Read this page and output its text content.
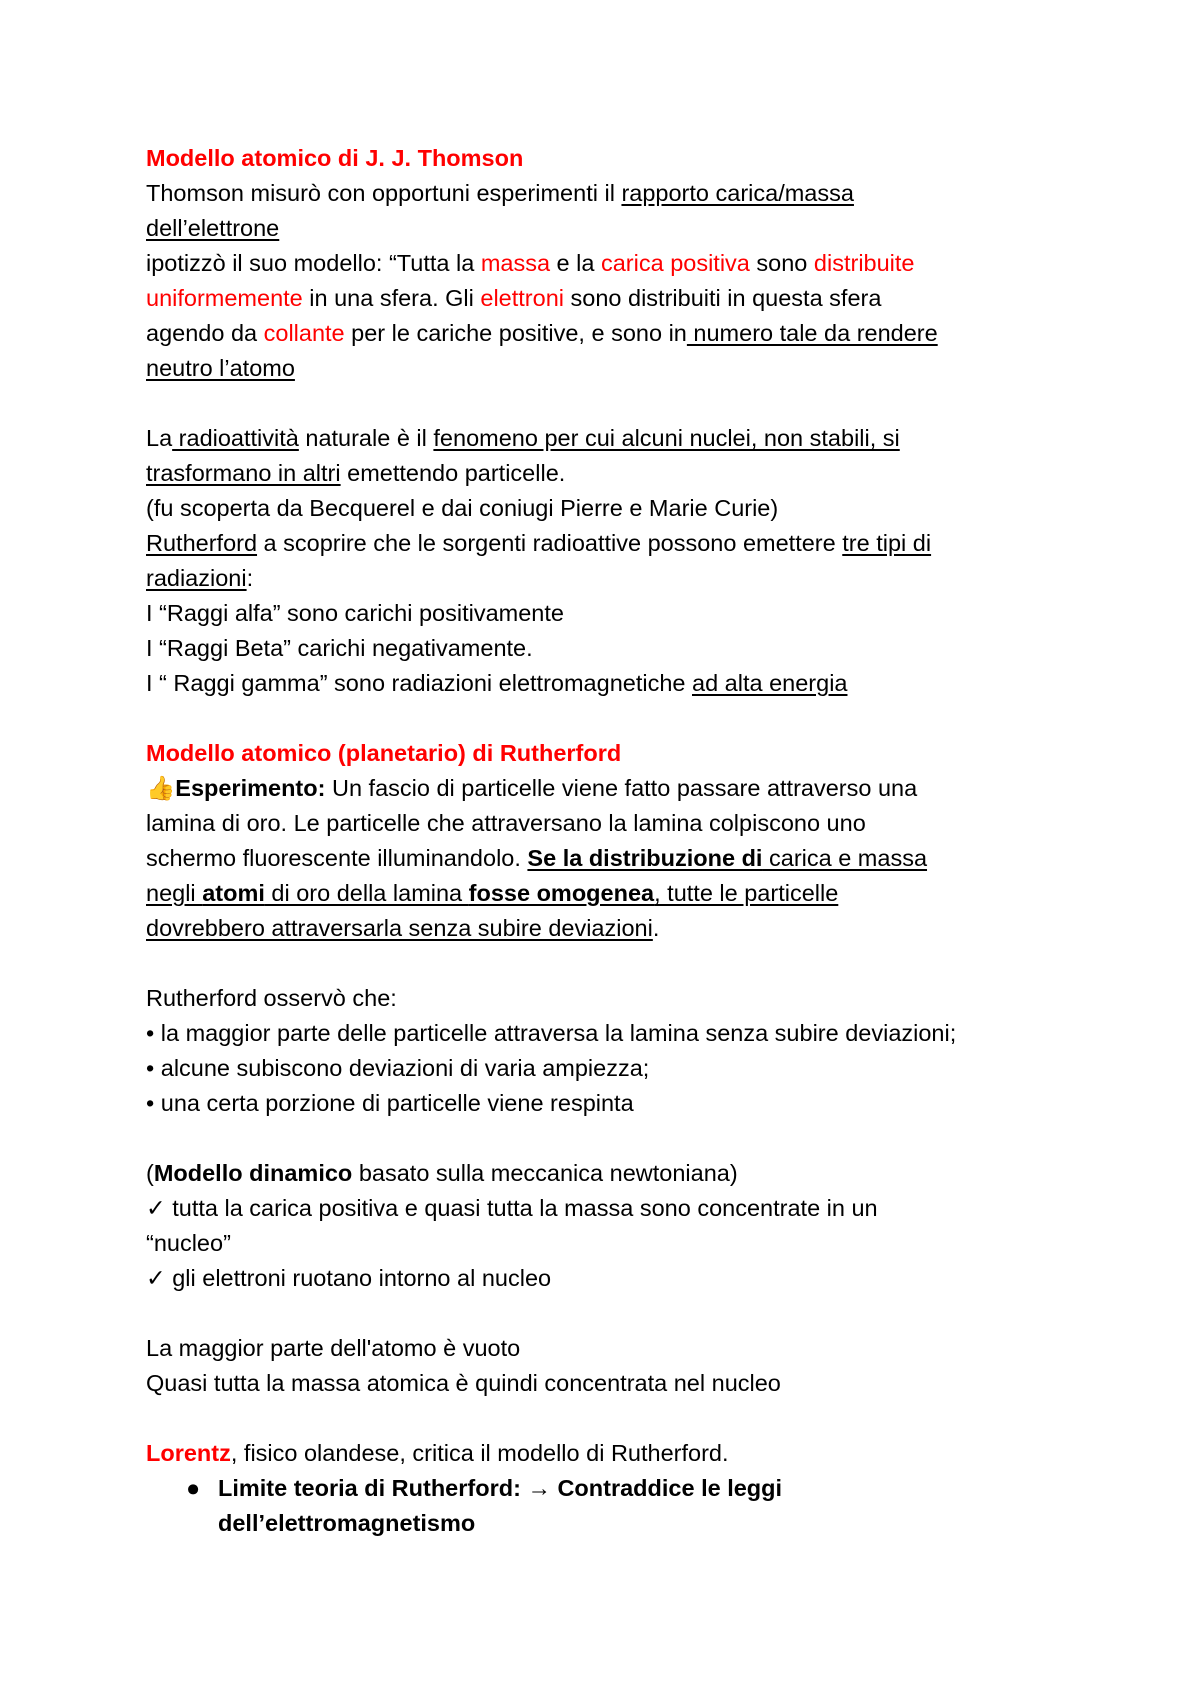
Modello atomico di J. J. Thomson
Thomson misurò con opportuni esperimenti il rapporto carica/massa
dell’elettrone
ipotizzò il suo modello: “Tutta la massa e la carica positiva sono distribuite
uniformemente in una sfera. Gli elettroni sono distribuiti in questa sfera
agendo da collante per le cariche positive, e sono in numero tale da rendere
neutro l’atomo
La radioattività naturale è il fenomeno per cui alcuni nuclei, non stabili, si
trasformano in altri emettendo particelle.
(fu scoperta da Becquerel e dai coniugi Pierre e Marie Curie)
Rutherford a scoprire che le sorgenti radioattive possono emettere tre tipi di
radiazioni:
I “Raggi alfa” sono carichi positivamente
I “Raggi Beta” carichi negativamente.
I “ Raggi gamma” sono radiazioni elettromagnetiche ad alta energia
Modello atomico (planetario) di Rutherford
👍Esperimento: Un fascio di particelle viene fatto passare attraverso una
lamina di oro. Le particelle che attraversano la lamina colpiscono uno
schermo fluorescente illuminandolo. Se la distribuzione di carica e massa
negli atomi di oro della lamina fosse omogenea, tutte le particelle
dovrebbero attraversarla senza subire deviazioni.
Rutherford osservò che:
• la maggior parte delle particelle attraversa la lamina senza subire deviazioni;
• alcune subiscono deviazioni di varia ampiezza;
• una certa porzione di particelle viene respinta
(Modello dinamico basato sulla meccanica newtoniana)
✓ tutta la carica positiva e quasi tutta la massa sono concentrate in un
“nucleo”
✓ gli elettroni ruotano intorno al nucleo
La maggior parte dell'atomo è vuoto
Quasi tutta la massa atomica è quindi concentrata nel nucleo
Lorentz, fisico olandese, critica il modello di Rutherford.
● Limite teoria di Rutherford: → Contraddice le leggi
dell’elettromagnetismo
